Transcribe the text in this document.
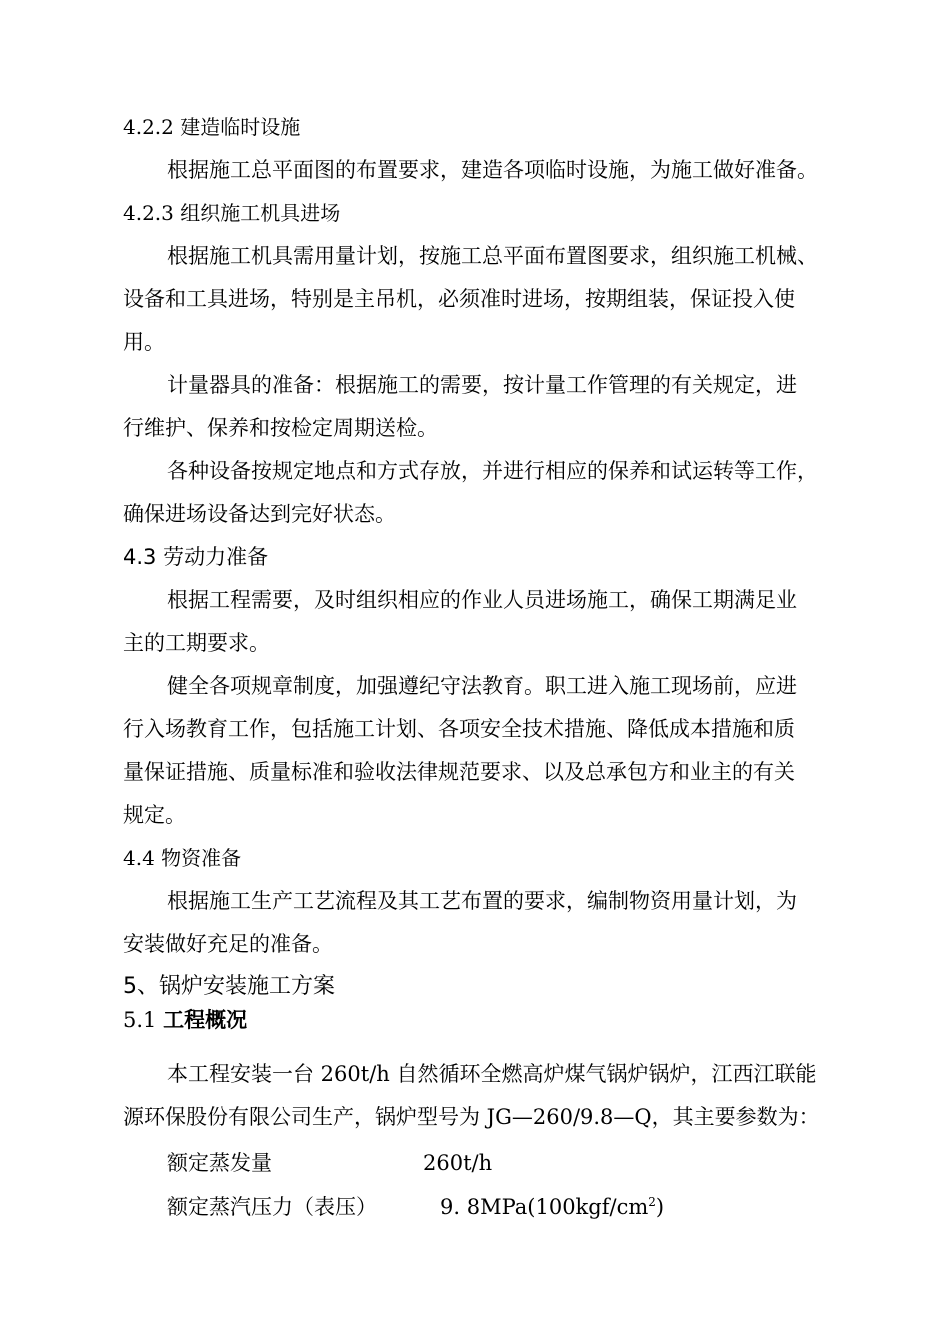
4.2.2 建造临时设施
根据施工总平面图的布置要求，建造各项临时设施，为施工做好准备。
4.2.3 组织施工机具进场
根据施工机具需用量计划，按施工总平面布置图要求，组织施工机械、
设备和工具进场，特别是主吊机，必须准时进场，按期组装，保证投入使
用。
计量器具的准备：根据施工的需要，按计量工作管理的有关规定，进
行维护、保养和按检定周期送检。
各种设备按规定地点和方式存放，并进行相应的保养和试运转等工作，
确保进场设备达到完好状态。
4.3 劳动力准备
根据工程需要，及时组织相应的作业人员进场施工，确保工期满足业
主的工期要求。
健全各项规章制度，加强遵纪守法教育。职工进入施工现场前，应进
行入场教育工作，包括施工计划、各项安全技术措施、降低成本措施和质
量保证措施、质量标准和验收法律规范要求、以及总承包方和业主的有关
规定。
4.4 物资准备
根据施工生产工艺流程及其工艺布置的要求，编制物资用量计划，为
安装做好充足的准备。
5、锅炉安装施工方案
5.1 工程概况
本工程安装一台 260t/h 自然循环全燃高炉煤气锅炉锅炉，江西江联能
源环保股份有限公司生产，锅炉型号为 JG—260/9.8—Q，其主要参数为：
额定蒸发量	260t/h
额定蒸汽压力（表压）	9. $8MPa(100kgf/cm^2)$
